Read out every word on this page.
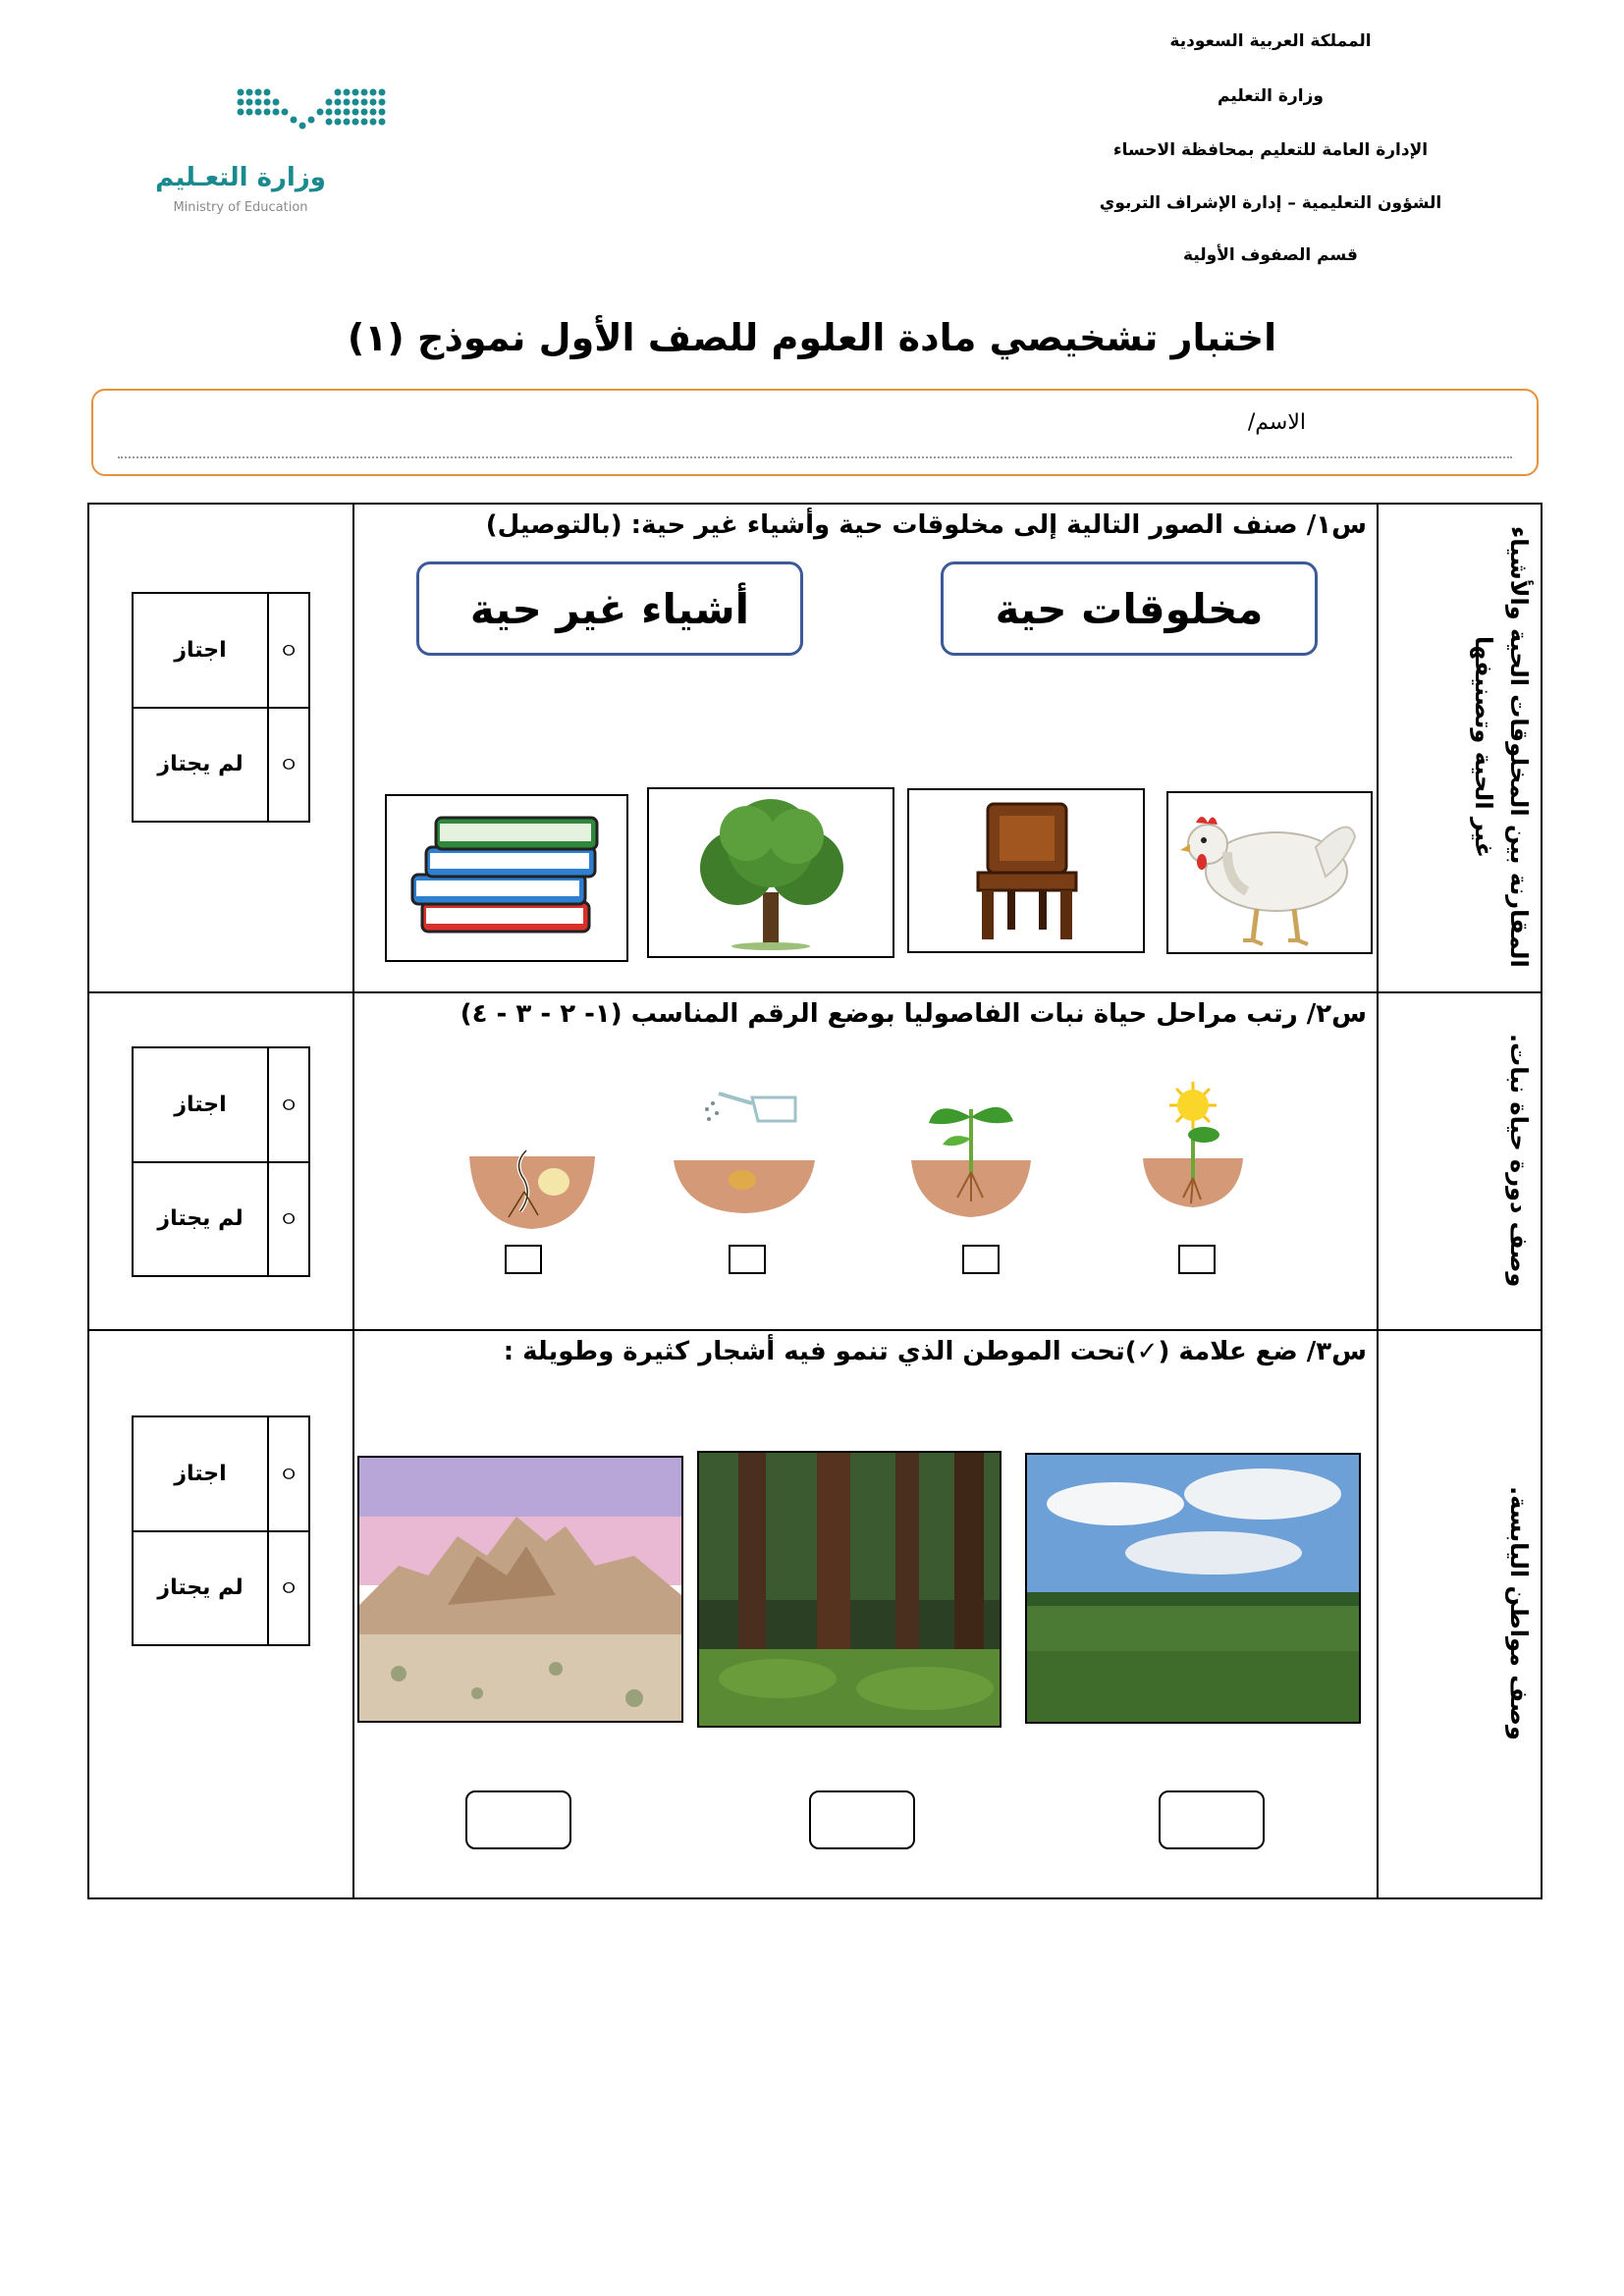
المملكة العربية السعودية
وزارة التعليم
الإدارة العامة للتعليم بمحافظة الاحساء
الشؤون التعليمية – إدارة الإشراف التربوي
قسم الصفوف الأولية
وزارة التعـليم
Ministry of Education
اختبار تشخيصي مادة العلوم للصف الأول نموذج (١)
الاسم/
المقارنة بين المخلوقات الحية والأشياء غير الحية وتصنيفها
س١/ صنف الصور التالية إلى مخلوقات حية وأشياء غير حية: (بالتوصيل)
مخلوقات حية
أشياء غير حية
اجتاز	ㅇ
لم يجتاز	ㅇ
وصف دورة حياة نبات.
س٢/ رتب مراحل حياة نبات الفاصوليا بوضع الرقم المناسب (١- ٢ - ٣ - ٤)
اجتاز	ㅇ
لم يجتاز	ㅇ
وصف مواطن اليابسة.
س٣/ ضع علامة (✓)تحت الموطن الذي تنمو فيه أشجار كثيرة وطويلة :
اجتاز	ㅇ
لم يجتاز	ㅇ
